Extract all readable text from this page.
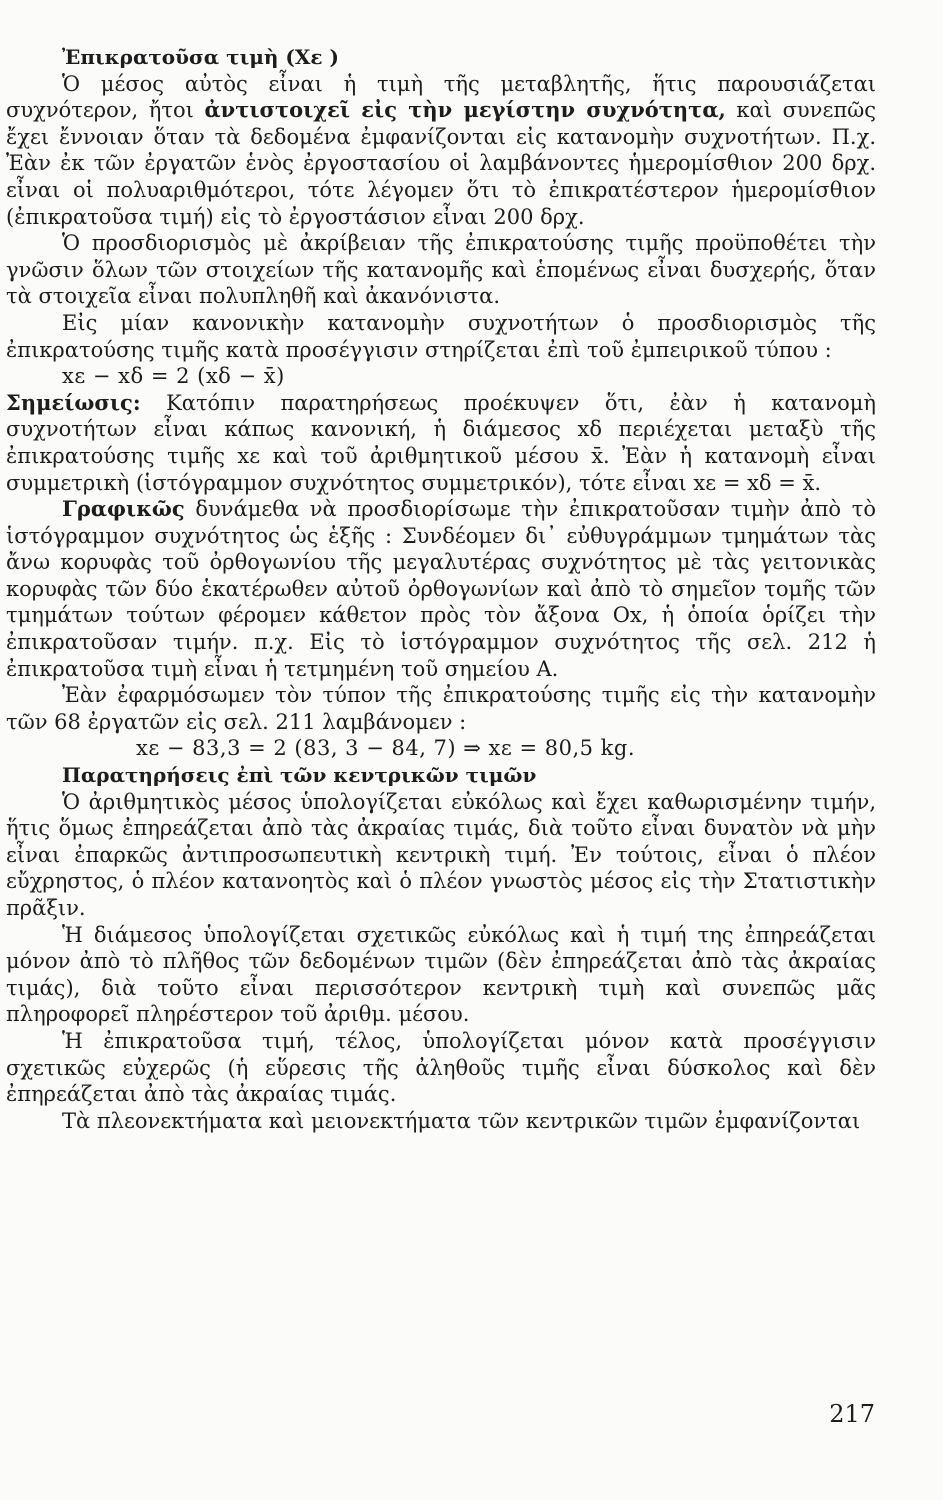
Ἐπικρατοῦσα τιμὴ (Xε )

Ὁ μέσος αὐτὸς εἶναι ἡ τιμὴ τῆς μεταβλητῆς, ἥτις παρουσιάζεται συχνότερον, ἤτοι ἀντιστοιχεῖ εἰς τὴν μεγίστην συχνότητα, καὶ συνεπῶς ἔχει ἔννοιαν ὅταν τὰ δεδομένα ἐμφανίζονται εἰς κατανομὴν συχνοτήτων. Π.χ. Ἐὰν ἐκ τῶν ἐργατῶν ἑνὸς ἐργοστασίου οἱ λαμβάνοντες ἡμερομίσθιον 200 δρχ. εἶναι οἱ πολυαριθμότεροι, τότε λέγομεν ὅτι τὸ ἐπικρατέστερον ἡμερομίσθιον (ἐπικρατοῦσα τιμή) εἰς τὸ ἐργοστάσιον εἶναι 200 δρχ.

Ὁ προσδιορισμὸς μὲ ἀκρίβειαν τῆς ἐπικρατούσης τιμῆς προϋποθέτει τὴν γνῶσιν ὅλων τῶν στοιχείων τῆς κατανομῆς καὶ ἑπομένως εἶναι δυσχερής, ὅταν τὰ στοιχεῖα εἶναι πολυπληθῆ καὶ ἀκανόνιστα.

Εἰς μίαν κανονικὴν κατανομὴν συχνοτήτων ὁ προσδιορισμὸς τῆς ἐπικρατούσης τιμῆς κατὰ προσέγγισιν στηρίζεται ἐπὶ τοῦ ἐμπειρικοῦ τύπου :

xε − xδ = 2 (xδ − x̄)

Σημείωσις: Κατόπιν παρατηρήσεως προέκυψεν ὅτι, ἐὰν ἡ κατανομὴ συχνοτήτων εἶναι κάπως κανονική, ἡ διάμεσος xδ περιέχεται μεταξὺ τῆς ἐπικρατούσης τιμῆς xε καὶ τοῦ ἀριθμητικοῦ μέσου x̄. Ἐὰν ἡ κατανομὴ εἶναι συμμετρικὴ (ἱστόγραμμον συχνότητος συμμετρικόν), τότε εἶναι xε = xδ = x̄.

Γραφικῶς δυνάμεθα νὰ προσδιορίσωμε τὴν ἐπικρατοῦσαν τιμὴν ἀπὸ τὸ ἱστόγραμμον συχνότητος ὡς ἑξῆς : Συνδέομεν δι᾿ εὐθυγράμμων τμημάτων τὰς ἄνω κορυφὰς τοῦ ὀρθογωνίου τῆς μεγαλυτέρας συχνότητος μὲ τὰς γειτονικὰς κορυφὰς τῶν δύο ἑκατέρωθεν αὐτοῦ ὀρθογωνίων καὶ ἀπὸ τὸ σημεῖον τομῆς τῶν τμημάτων τούτων φέρομεν κάθετον πρὸς τὸν ἄξονα Ox, ἡ ὁποία ὁρίζει τὴν ἐπικρατοῦσαν τιμήν. π.χ. Εἰς τὸ ἱστόγραμμον συχνότητος τῆς σελ. 212 ἡ ἐπικρατοῦσα τιμὴ εἶναι ἡ τετμημένη τοῦ σημείου Α.

Ἐὰν ἐφαρμόσωμεν τὸν τύπον τῆς ἐπικρατούσης τιμῆς εἰς τὴν κατανομὴν τῶν 68 ἐργατῶν εἰς σελ. 211 λαμβάνομεν :

xε − 83,3 = 2 (83, 3 − 84, 7) ⇒ xε = 80,5 kg.

Παρατηρήσεις ἐπὶ τῶν κεντρικῶν τιμῶν

Ὁ ἀριθμητικὸς μέσος ὑπολογίζεται εὐκόλως καὶ ἔχει καθωρισμένην τιμήν, ἥτις ὅμως ἐπηρεάζεται ἀπὸ τὰς ἀκραίας τιμάς, διὰ τοῦτο εἶναι δυνατὸν νὰ μὴν εἶναι ἐπαρκῶς ἀντιπροσωπευτικὴ κεντρικὴ τιμή. Ἐν τούτοις, εἶναι ὁ πλέον εὔχρηστος, ὁ πλέον κατανοητὸς καὶ ὁ πλέον γνωστὸς μέσος εἰς τὴν Στατιστικὴν πρᾶξιν.

Ἡ διάμεσος ὑπολογίζεται σχετικῶς εὐκόλως καὶ ἡ τιμή της ἐπηρεάζεται μόνον ἀπὸ τὸ πλῆθος τῶν δεδομένων τιμῶν (δὲν ἐπηρεάζεται ἀπὸ τὰς ἀκραίας τιμάς), διὰ τοῦτο εἶναι περισσότερον κεντρικὴ τιμὴ καὶ συνεπῶς μᾶς πληροφορεῖ πληρέστερον τοῦ ἀριθμ. μέσου.

Ἡ ἐπικρατοῦσα τιμή, τέλος, ὑπολογίζεται μόνον κατὰ προσέγγισιν σχετικῶς εὐχερῶς (ἡ εὕρεσις τῆς ἀληθοῦς τιμῆς εἶναι δύσκολος καὶ δὲν ἐπηρεάζεται ἀπὸ τὰς ἀκραίας τιμάς.

Τὰ πλεονεκτήματα καὶ μειονεκτήματα τῶν κεντρικῶν τιμῶν ἐμφανίζονται

217
